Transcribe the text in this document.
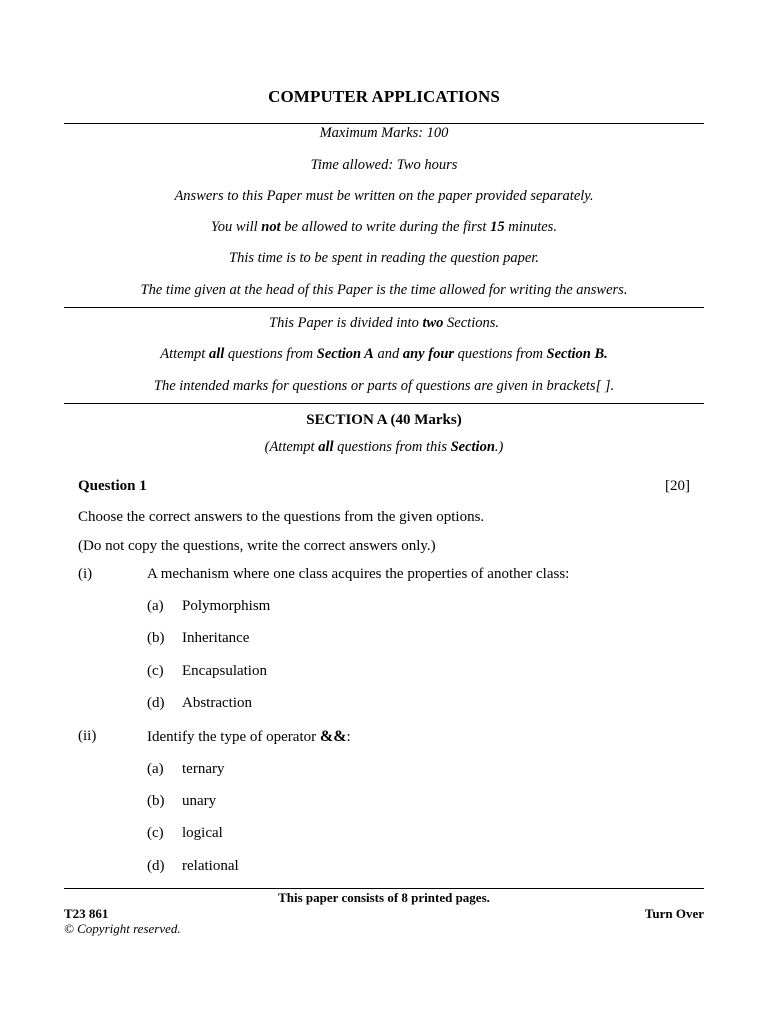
COMPUTER APPLICATIONS
Maximum Marks: 100
Time allowed: Two hours
Answers to this Paper must be written on the paper provided separately.
You will not be allowed to write during the first 15 minutes.
This time is to be spent in reading the question paper.
The time given at the head of this Paper is the time allowed for writing the answers.
This Paper is divided into two Sections.
Attempt all questions from Section A and any four questions from Section B.
The intended marks for questions or parts of questions are given in brackets[ ].
SECTION A (40 Marks)
(Attempt all questions from this Section.)
Question 1	[20]
Choose the correct answers to the questions from the given options.
(Do not copy the questions, write the correct answers only.)
(i)	A mechanism where one class acquires the properties of another class:
(a) Polymorphism
(b) Inheritance
(c) Encapsulation
(d) Abstraction
(ii)	Identify the type of operator &&:
(a) ternary
(b) unary
(c) logical
(d) relational
This paper consists of 8 printed pages.
T23 861	Turn Over
© Copyright reserved.
